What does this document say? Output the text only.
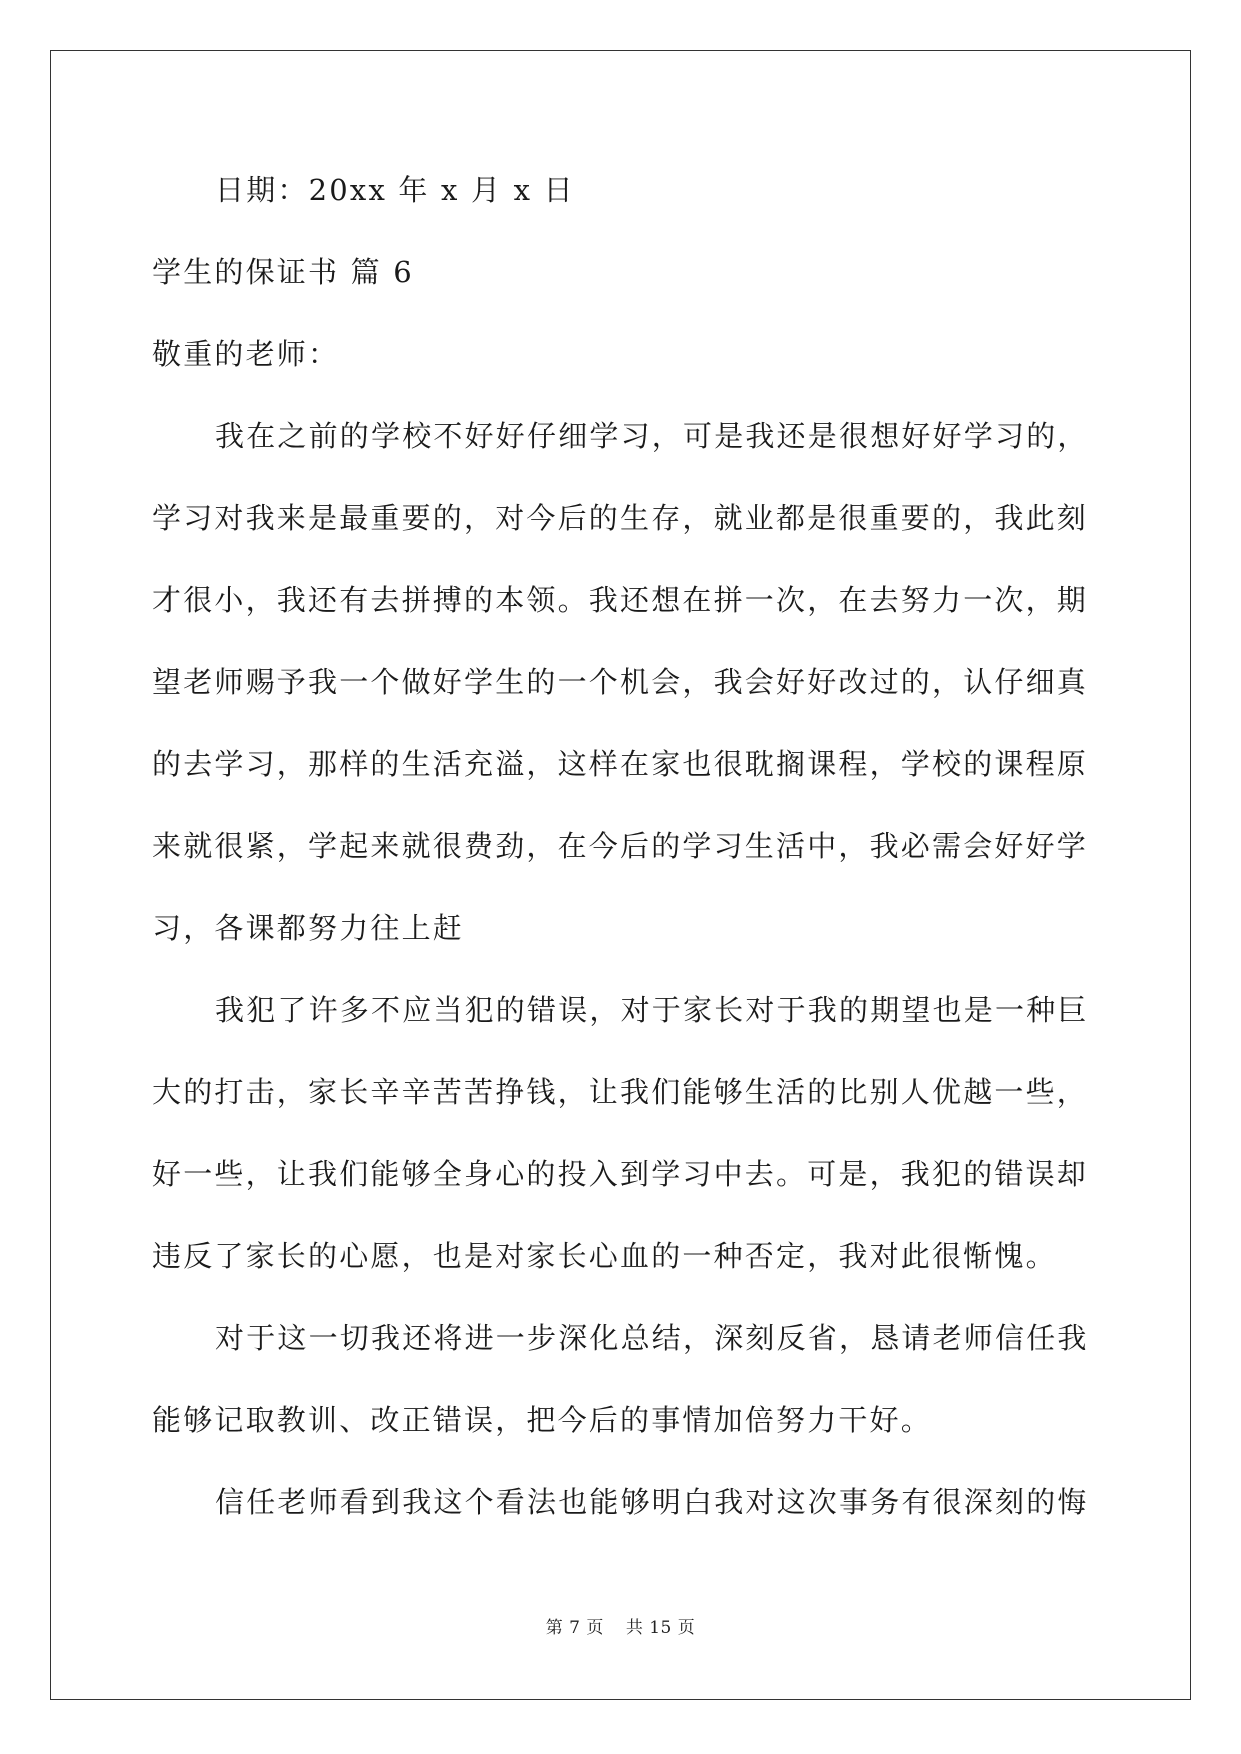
日期：20xx 年 x 月 x 日
学生的保证书 篇 6
敬重的老师：
我在之前的学校不好好仔细学习，可是我还是很想好好学习的，
学习对我来是最重要的，对今后的生存，就业都是很重要的，我此刻
才很小，我还有去拼搏的本领。我还想在拼一次，在去努力一次，期
望老师赐予我一个做好学生的一个机会，我会好好改过的，认仔细真
的去学习，那样的生活充溢，这样在家也很耽搁课程，学校的课程原
来就很紧，学起来就很费劲，在今后的学习生活中，我必需会好好学
习，各课都努力往上赶
我犯了许多不应当犯的错误，对于家长对于我的期望也是一种巨
大的打击，家长辛辛苦苦挣钱，让我们能够生活的比别人优越一些，
好一些，让我们能够全身心的投入到学习中去。可是，我犯的错误却
违反了家长的心愿，也是对家长心血的一种否定，我对此很惭愧。
对于这一切我还将进一步深化总结，深刻反省，恳请老师信任我
能够记取教训、改正错误，把今后的事情加倍努力干好。
信任老师看到我这个看法也能够明白我对这次事务有很深刻的悔
第 7 页 共 15 页
